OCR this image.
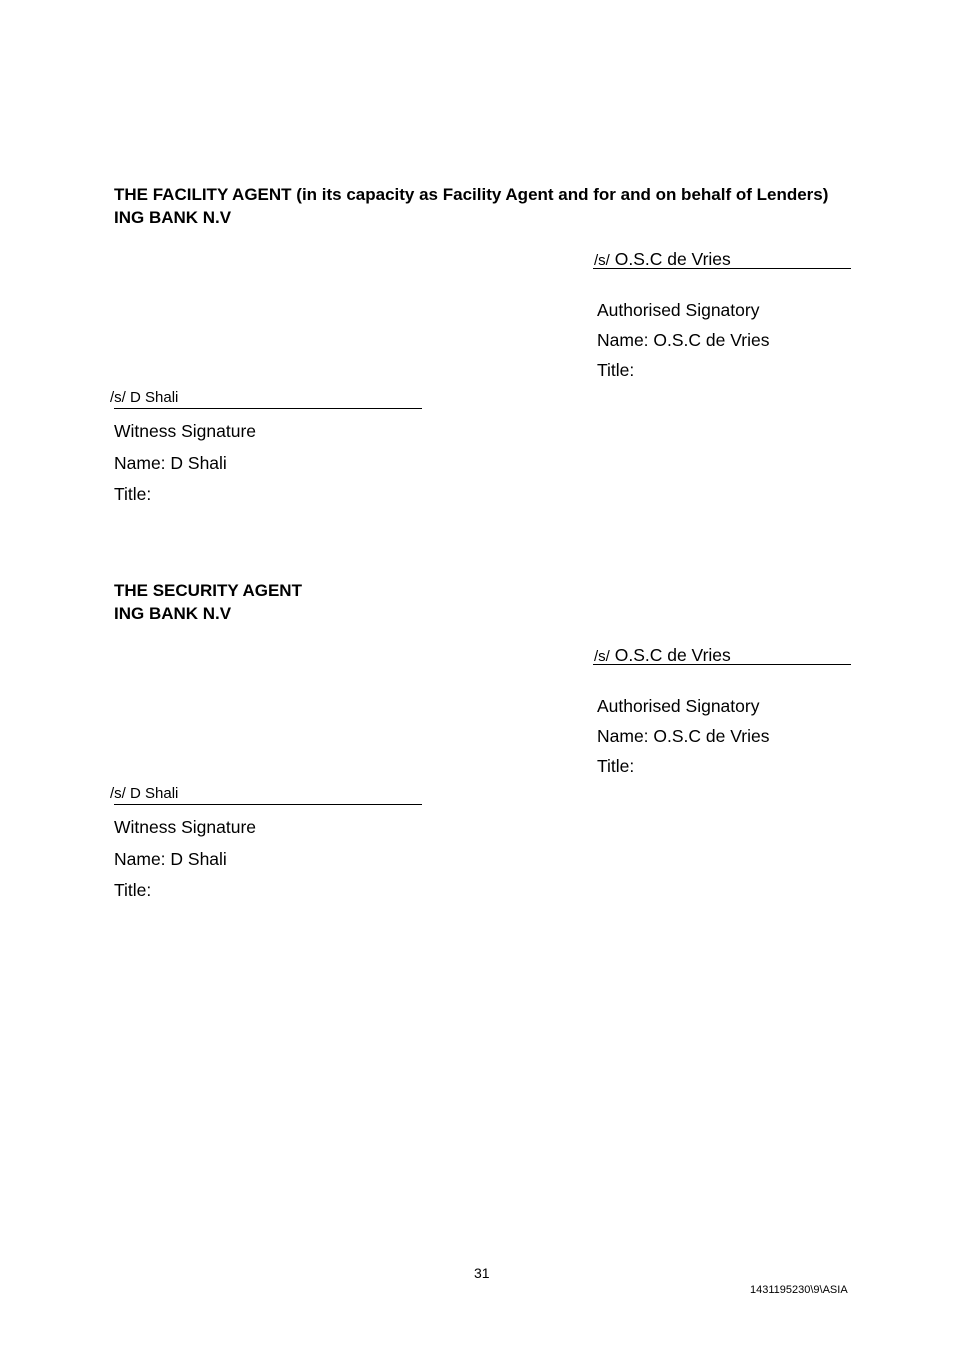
THE FACILITY AGENT (in its capacity as Facility Agent and for and on behalf of Lenders)
ING BANK N.V
/s/ O.S.C de Vries
Authorised Signatory
Name: O.S.C de Vries
Title:
/s/ D Shali
Witness Signature
Name: D Shali
Title:
THE SECURITY AGENT
ING BANK N.V
/s/ O.S.C de Vries
Authorised Signatory
Name: O.S.C de Vries
Title:
/s/ D Shali
Witness Signature
Name: D Shali
Title:
31
1431195230\9\ASIA
